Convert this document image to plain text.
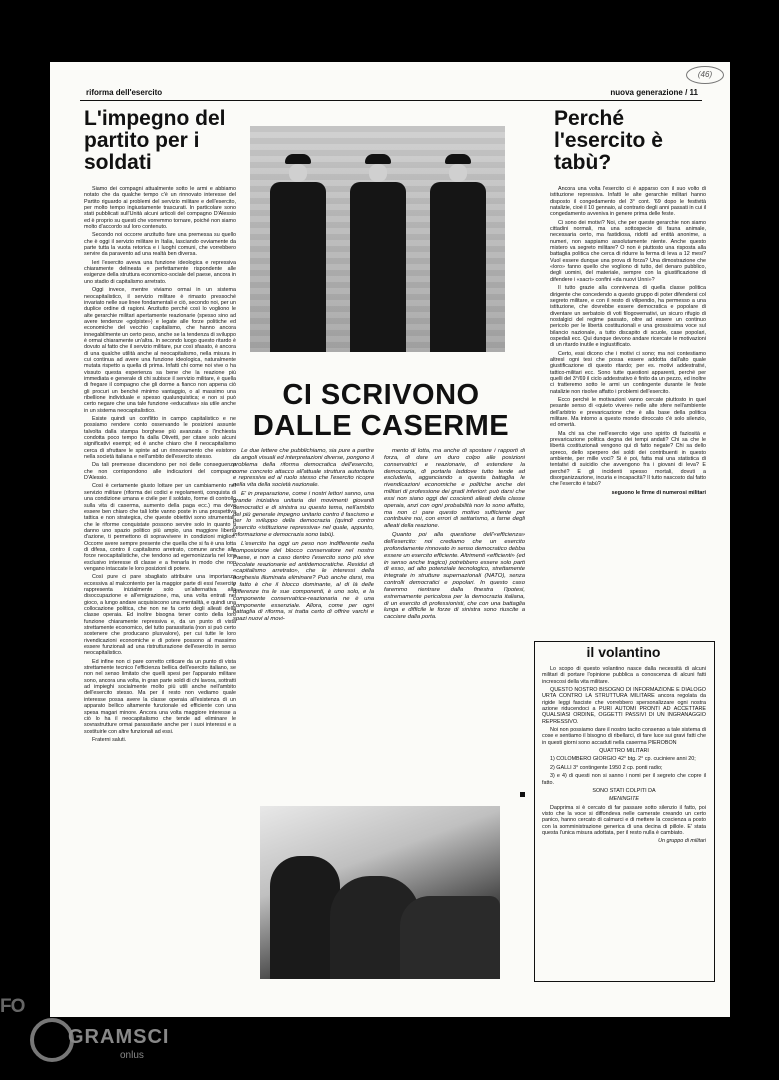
riforma dell'esercito	nuova generazione / 11
(46)
L'impegno del partito per i soldati

Siamo dei compagni attualmente sotto le armi e abbiamo notato che da qualche tempo c'è un rinnovato interesse del Partito riguardo ai problemi del servizio militare e dell'esercito, per molto tempo ingiustamente trascurati. In particolare sono stati pubblicati sull'Unità alcuni articoli del compagno D'Alessio ed è proprio su questi che vorremmo tornare, poiché non siamo molto d'accordo sul loro contenuto.

Secondo noi occorre anzitutto fare una premessa su quello che è oggi il servizio militare in Italia, lasciando ovviamente da parte tutta la vuota retorica e i luoghi comuni, che vorrebbero servire da paravento ad una realtà ben diversa.

Ieri l'esercito aveva una funzione ideologica e repressiva chiaramente delineata e perfettamente rispondente alle esigenze della struttura economico-sociale del paese, ancora in uno stadio di capitalismo arretrato.

Oggi invece, mentre viviamo ormai in un sistema neocapitalistico, il servizio militare è rimasto pressoché invariato nelle sue linee fondamentali e ciò, secondo noi, per un duplice ordine di ragioni. Anzitutto perché così lo vogliono le alte gerarchie militari apertamente reazionarie (spesso sino ad avere tendenze «golpiste») e legate alle forze politiche ed economiche del vecchio capitalismo, che hanno ancora innegabilmente un certo peso, anche se la tendenza di sviluppo è ormai chiaramente un'altra. In secondo luogo questo ritardo è dovuto al fatto che il servizio militare, pur così sfasato, è ancora di una qualche utilità anche al neocapitalismo, nella misura in cui continua ad avere una funzione ideologica, naturalmente mutata rispetto a quella di prima. Infatti chi come noi vive o ha vissuto questa esperienza sa bene che la reazione più immediata e generale di chi subisce il servizio militare, è quella di fregare il compagno che gli dorme a fianco non appena ciò gli procuri un benché minimo vantaggio, o al massimo una ribellione individuale e spesso qualunquistica; e non si può certo negare che una tale funzione «educativa» sia utile anche in un sistema neocapitalistico.

Esiste quindi un conflitto in campo capitalistico e ne possiamo rendere conto osservando le posizioni assunte talvolta dalla stampa borghese più avanzata o l'inchiesta condotta poco tempo fa dalla Olivetti, per citare solo alcuni significativi esempi; ed è anche chiaro che il neocapitalismo cerca di sfruttare le spinte ad un rinnovamento che esistono nella società italiana e nell'ambito dell'esercito stesso.

Da tali premesse discendono per noi delle conseguenze che non corrispondono alle indicazioni del compagno D'Alessio.

Così è certamente giusto lottare per un cambiamento nel servizio militare (riforma dei codici e regolamenti, conquista di una condizione umana e civile per il soldato, forme di controllo sulla vita di caserma, aumento della paga ecc.) ma deve essere ben chiaro che tali lotte vanno poste in una prospettiva tattica e non strategica, che queste obiettivi sono strumentali, che le riforme conquistate possono servire solo in quanto ti danno uno spazio politico più ampio, una maggiore libertà d'azione, ti permettono di sopravvivere in condizioni migliori. Occorre avere sempre presente che quella che si fa è una lotta di difesa, contro il capitalismo arretrato, comune anche alle forze neocapitalistiche, che tendono ad egemonizzarla nel loro esclusivo interesse di classe e a frenarla in modo che non vengano intaccate le loro posizioni di potere.

Così pure ci pare sbagliato attribuire una importanza eccessiva al malcontento per la maggior parte di essi l'esercito rappresenta inizialmente solo un'alternativa alla disoccupazione e all'emigrazione, ma, una volta entrati nel gioco, a lungo andare acquisiscono una mentalità, e quindi una collocazione politica, che non ne fa certo degli alleati della classe operaia. Ed inoltre bisogna tener conto della loro funzione chiaramente repressiva e, da un punto di vista strettamente economico, del tutto parassitaria (non si può certo sostenere che producano plusvalore), per cui tutte le loro rivendicazioni economiche e di potere possono al massimo essere funzionali ad una ristrutturazione dell'esercito in senso neocapitalistico.

Ed infine non ci pare corretto criticare da un punto di vista strettamente tecnico l'efficienza bellica dell'esercito italiano, se non nel senso limitato che quelli spesi per l'apparato militare sono, ancora una volta, in gran parte soldi di chi lavora, sottratti ad impieghi socialmente molto più utili anche nell'ambito dell'esercito stesso. Ma per il resto non vediamo quale interesse possa avere la classe operaia all'esistenza di un apparato bellico altamente funzionale ed efficiente con una spesa magari minore. Ancora una volta maggiore interesse a ciò lo ha il neocapitalismo che tende ad eliminare le sovrastrutture ormai parassitarie anche per i suoi interessi e a sostituirle con altre funzionali ad essi.

Fraterni saluti.

CI SCRIVONO
DALLE CASERME

Le due lettere che pubblichiamo, sia pure a partire da angoli visuali ed interpretazioni diverse, pongono il problema della riforma democratica dell'esercito, come concreto attacco all'attuale struttura autoritaria e repressiva ed al ruolo stesso che l'esercito ricopre nella vita della società nazionale.

E' in preparazione, come i nostri lettori sanno, una grande iniziativa unitaria dei movimenti giovanili democratici e di sinistra su questo tema, nell'ambito del più generale impegno unitario contro il fascismo e per lo sviluppo della democrazia (quindi contro l'esercito «istituzione repressiva» nel quale, appunto, informazione e democrazia sono tabù).

L'esercito ha oggi un peso non indifferente nella composizione del blocco conservatore nel nostro Paese, e non a caso dentro l'esercito sono più vive circolate reazionarie ed antidemocratiche. Residui di «capitalismo arretrato», che le interessi della borghesia illuminata eliminare? Può anche darsi, ma il fatto è che il blocco dominante, al di là delle differenze tra le sue componenti, è uno solo, e la componente conservatrice-reazionaria ne è una componente essenziale. Allora, come per ogni battaglia di riforma, si tratta certo di offrire varchi e spazi nuovi al movi-

mento di lotta, ma anche di spostare i rapporti di forza, di dare un duro colpo alle posizioni conservatrici e reazionarie, di estendere la democrazia, di portarla laddove tutto tende ad escluderla, agganciando a questa battaglia le rivendicazioni economiche e politiche anche dei militari di professione dei gradi inferiori: può darsi che essi non siano oggi dei coscienti alleati della classe operaia, anzi con ogni probabilità non lo sono affatto, ma non ci pare questo motivo sufficiente per contribuire noi, con errori di settarismo, a farne degli alleati della reazione.

Quanto poi alla questione dell'«efficienza» dell'esercito: noi crediamo che un esercito profondamente rinnovato in senso democratico debba essere un esercito efficiente. Altrimenti «efficienti» (ed in senso anche tragico) potrebbero essere solo parti di esso, ad alto potenziale tecnologico, strettamente integrate in strutture supernazionali (NATO), senza controlli democratici e popolari. In questo caso faremmo rientrare dalla finestra l'ipotesi, estremamente pericolosa per la democrazia italiana, di un esercito di professionisti, che con una battaglia lunga e difficile le forze di sinistra sono riuscite a cacciare dalla porta.

Perché l'esercito è tabù?

Ancora una volta l'esercito ci è apparso con il suo volto di istituzione repressiva. Infatti le alte gerarchie militari hanno disposto il congedamento del 3° cont. '69 dopo le festività natalizie, cioè il 10 gennaio, al contrario degli anni passati in cui il congedamento avveniva in genere prima delle feste.

Ci sono dei motivi? Noi, che per queste gerarchie non siamo cittadini normali, ma una sottospecie di fauna animale, necessaria certo, ma fastidiosa, ridotti ad entità anonime, a numeri, non sappiamo assolutamente niente. Anche questo mistero va segreto militare? O non è piuttosto una risposta alla battaglia politica che cerca di ridurre la ferma di leva a 12 mesi? Vuol essere dunque una prova di forza? Una dimostrazione che «loro» fanno quello che vogliono di tutto, del denaro pubblico, degli uomini, del materiale, sempre con la giustificazione di difendere i «sacri» confini «da nuovi Unni»?

Il tutto grazie alla connivenza di quella classe politica dirigente che concedendo a questo gruppo di poter difendersi col segreto militare, e con il resto di vilipendio, ha permesso a una istituzione, che dovrebbe essere democratica e popolare di diventare un serbatoio di voti filogovernativi, un sicuro rifugio di nostalgici del regime passato, oltre ad essere un continuo pericolo per le libertà costituzionali e una grossissima voce sul bilancio nazionale, a tutto discapito di scuole, case popolari, ospedali ecc. Qui dunque devono andare ricercate le motivazioni di un ritardo inutile e ingiustificato.

Certo, essi dicono che i motivi ci sono; ma noi contestiamo altresì ogni tesi che possa essere addotta dall'alto quale giustificazione di questo ritardo; per es. motivi addestrativi, tattico-militari ecc. Sono tutte questioni apparenti, perché per quelli del 3°/69 il ciclo addestrativo è finito da un pezzo, ed inoltre ci tratteremo sotto le armi un contingente durante le feste natalizie non risolve affatto i problemi dell'esercito.

Ecco perché le motivazioni vanno cercate piuttosto in quel pesante senso di «quieto vivere» nelle alte sfere nell'ambiente dell'arbitrio e prevaricazione che è alla base della politica militare. Ma intorno a questo mondo diroccato c'è solo silenzio, ed omertà.

Ma chi sa che nell'esercito vige uno spirito di faziosità e prevaricazione politica degna dei tempi andati? Chi sa che le libertà costituzionali vengono qui di fatto negate? Chi sa dello spreco, dello sperpero dei soldi dei contribuenti in questo ambiente, per mille voci? Si è poi, fatta mai una statistica di tentativi di suicidio che avvengono fra i giovani di leva? E perché? E gli incidenti spesso mortali, dovuti a disorganizzazione, incuria e incapacità? Il tutto nascosto dal fatto che l'esercito è tabù?

seguono le firme di numerosi militari

il volantino

Lo scopo di questo volantino nasce dalla necessità di alcuni militari di portare l'opinione pubblica a conoscenza di alcuni fatti increscosi della vita militare.

QUESTO NOSTRO BISOGNO DI INFORMAZIONE E DIALOGO URTA CONTRO LA STRUTTURA MILITARE ancora regolata da rigide leggi fasciste che vorrebbero spersonalizzare ogni nostra azione riducendoci a PURI AUTOMI PRONTI AD ACCETTARE QUALSIASI ORDINE, OGGETTI PASSIVI DI UN INGRANAGGIO REPRESSIVO.

Noi non possiamo dare il nostro tacito consenso a tale sistema di cose e sentiamo il bisogno di ribellarci, di fare luce sui gravi fatti che in questi giorni sono accaduti nella caserma PIEROBON

QUATTRO MILITARI

1) COLOMBERO GIORGIO 42° btg. 2° cp. cuciniere anni 20;

2) GALLI 3° contingente 1950 2 cp. ponti radio;

3) e 4) di questi non si sanno i nomi per il segreto che copre il fatto.

SONO STATI COLPITI DA

MENINGITE

Dapprima si è cercato di far passare sotto silenzio il fatto, poi visto che la voce si diffondeva nelle camerate creando un certo panico, hanno cercato di calmarci e di mettere la coscienza a posto con la somministrazione generica di una decina di pillole. E' stata questa l'unica misura adottata, per il resto nulla è cambiato.

Un gruppo di militari

FO
GRAMSCI
onlus
